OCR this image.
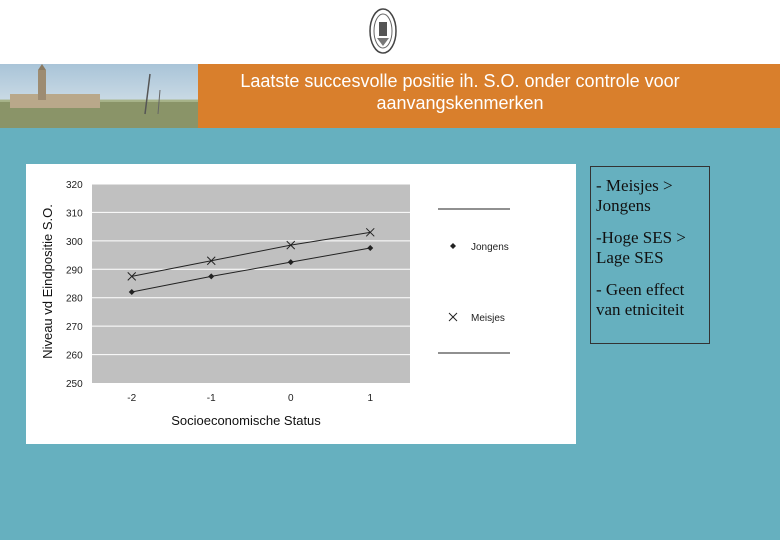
Laatste succesvolle positie ih. S.O. onder controle voor aanvangskenmerken
250
260
270
280
290
300
310
320
-2	-1	0	1
Socioeconomische Status
Niveau vd Eindpositie S.O.	Jongens
Meisjes

- Meisjes > Jongens

-Hoge SES > Lage SES

- Geen effect van etniciteit
